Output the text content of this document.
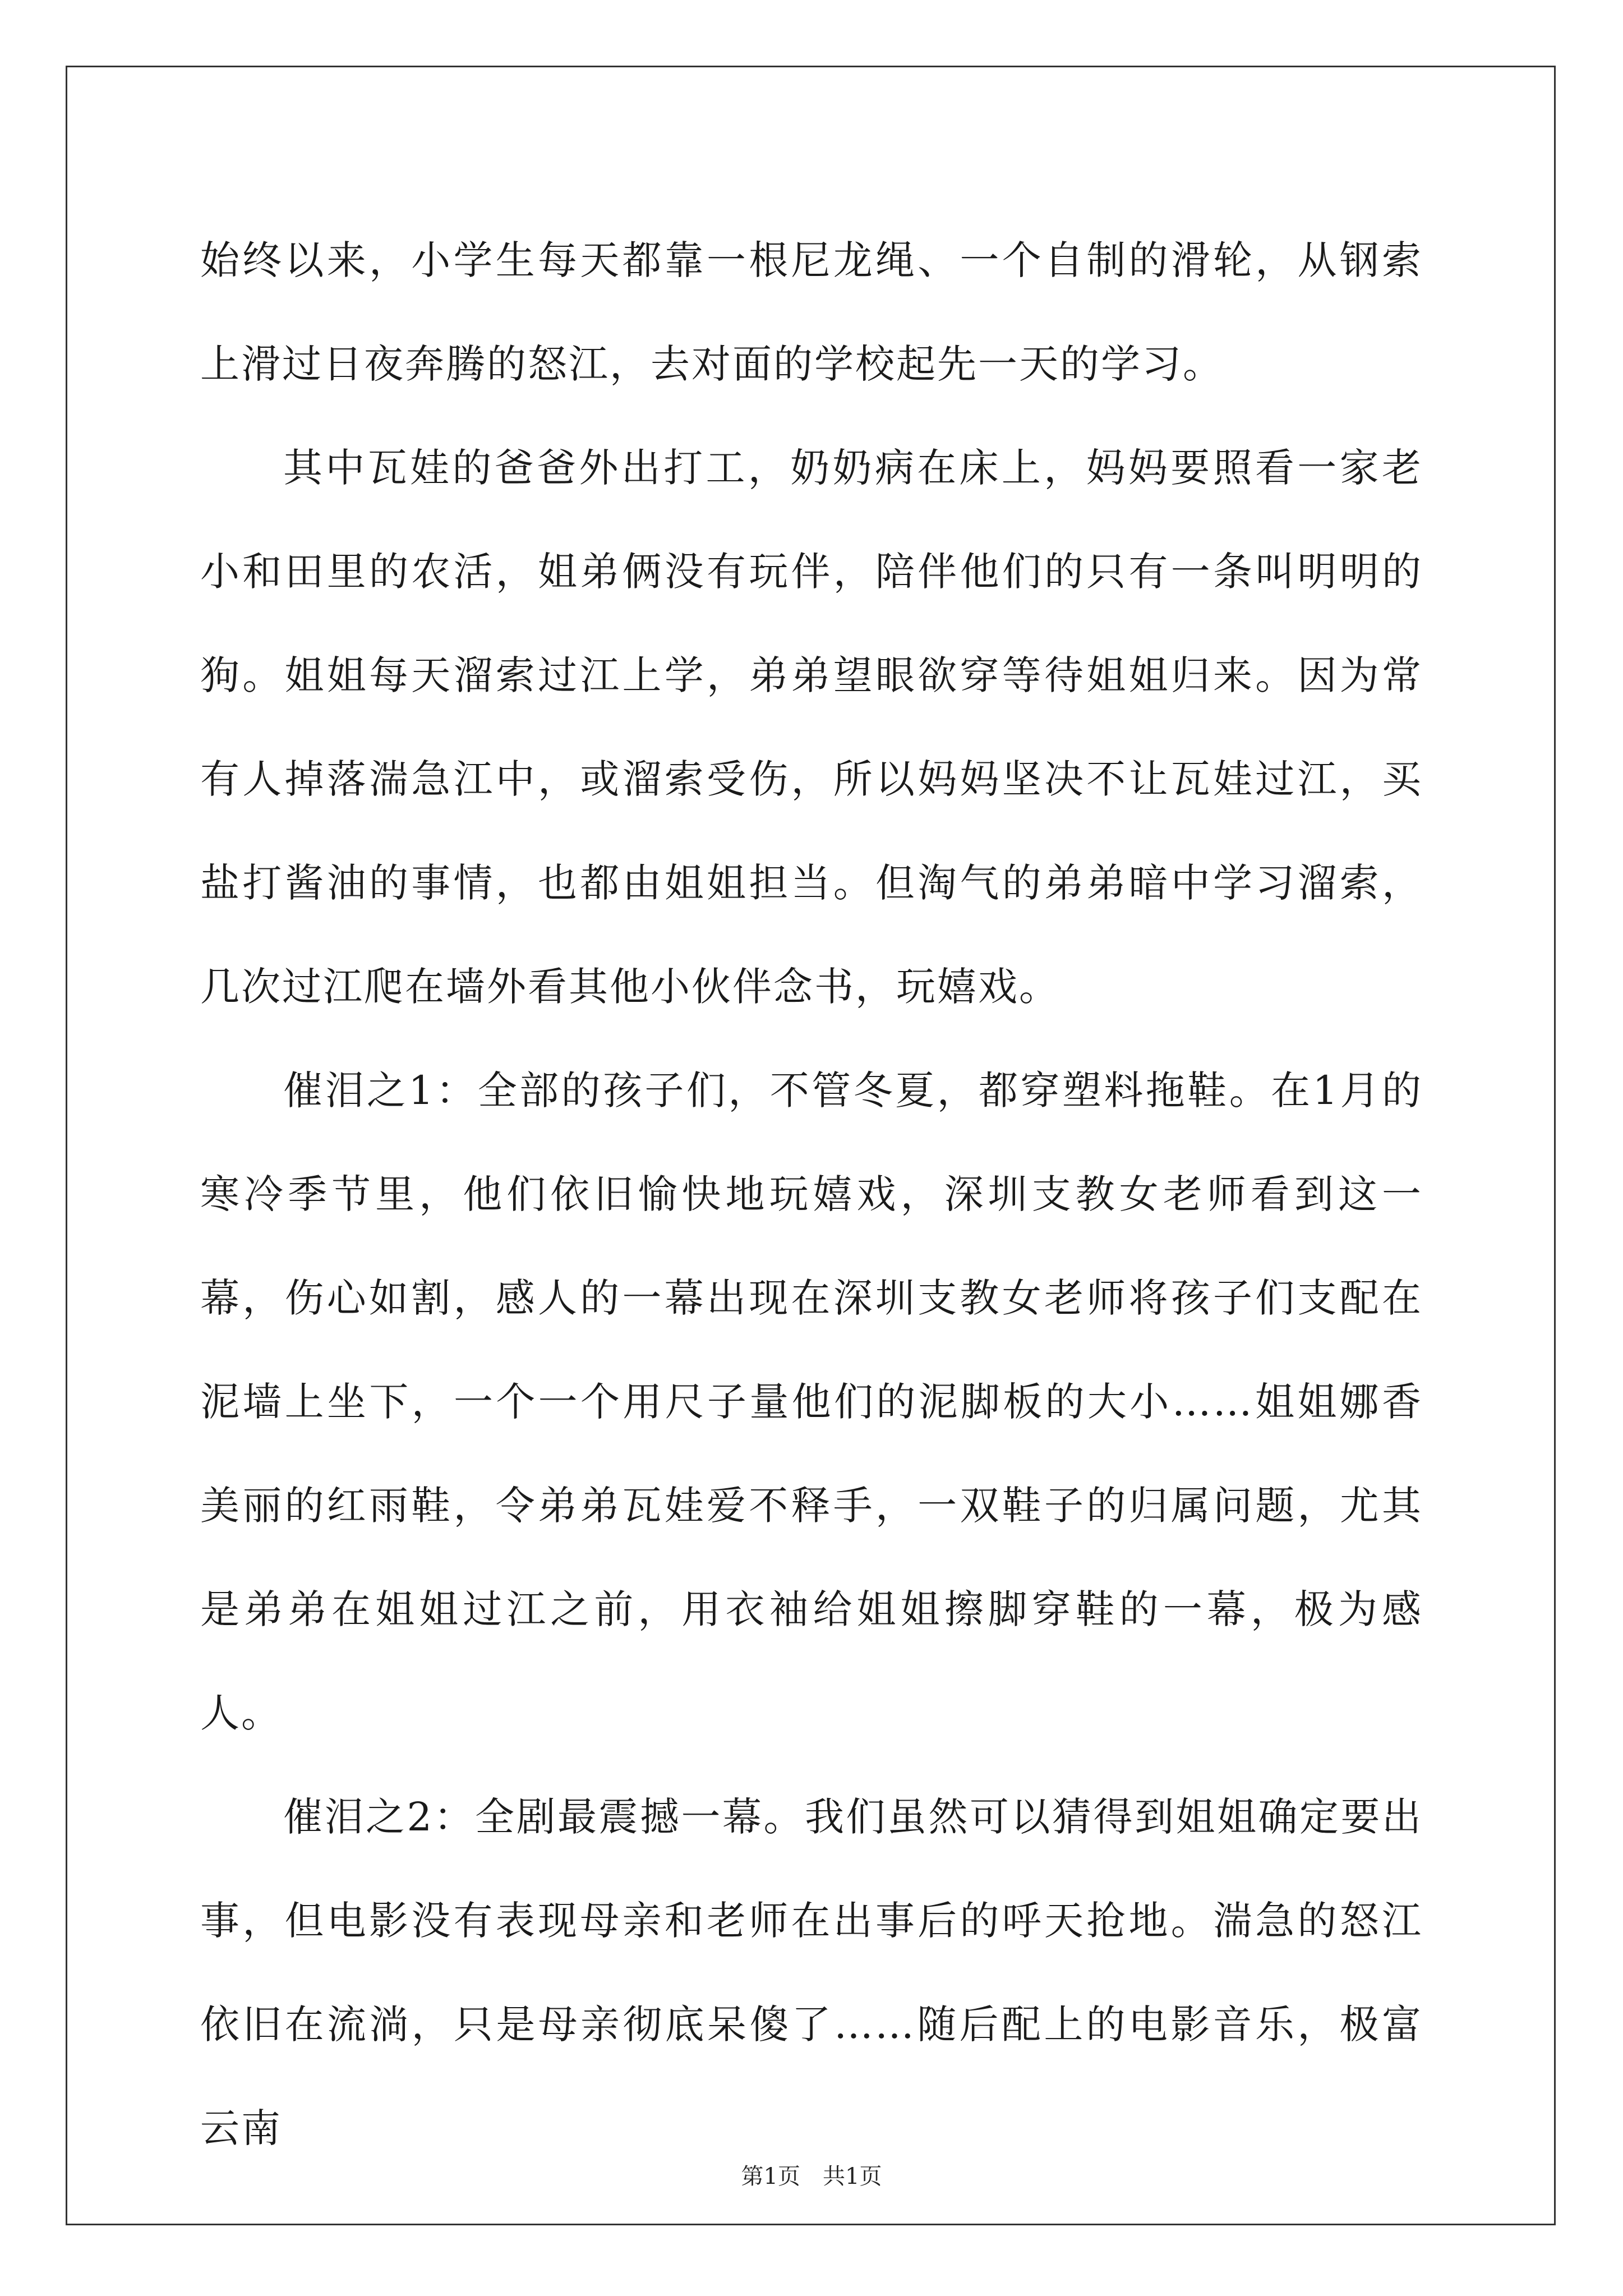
始终以来，小学生每天都靠一根尼龙绳、一个自制的滑轮，从钢索上滑过日夜奔腾的怒江，去对面的学校起先一天的学习。

其中瓦娃的爸爸外出打工，奶奶病在床上，妈妈要照看一家老小和田里的农活，姐弟俩没有玩伴，陪伴他们的只有一条叫明明的狗。姐姐每天溜索过江上学，弟弟望眼欲穿等待姐姐归来。因为常有人掉落湍急江中，或溜索受伤，所以妈妈坚决不让瓦娃过江，买盐打酱油的事情，也都由姐姐担当。但淘气的弟弟暗中学习溜索，几次过江爬在墙外看其他小伙伴念书，玩嬉戏。

催泪之1：全部的孩子们，不管冬夏，都穿塑料拖鞋。在1月的寒冷季节里，他们依旧愉快地玩嬉戏，深圳支教女老师看到这一幕，伤心如割，感人的一幕出现在深圳支教女老师将孩子们支配在泥墙上坐下，一个一个用尺子量他们的泥脚板的大小……姐姐娜香美丽的红雨鞋，令弟弟瓦娃爱不释手，一双鞋子的归属问题，尤其是弟弟在姐姐过江之前，用衣袖给姐姐擦脚穿鞋的一幕，极为感人。

催泪之2：全剧最震撼一幕。我们虽然可以猜得到姐姐确定要出事，但电影没有表现母亲和老师在出事后的呼天抢地。湍急的怒江依旧在流淌，只是母亲彻底呆傻了……随后配上的电影音乐，极富云南

第1页　共1页
